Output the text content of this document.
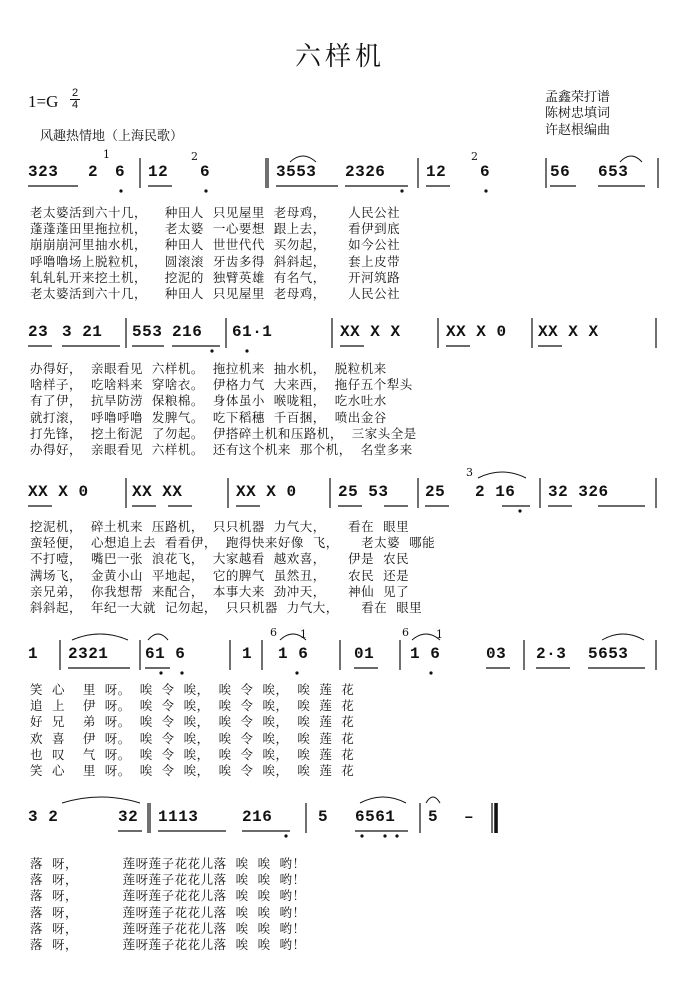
六样机
$1=G \frac{2}{4}$
风趣热情地（上海民歌）
孟鑫荣打谱
陈树忠填词
许赵根编曲
323 2 6 12 6	3553 2326	12 6	56 653
1	2	2
老太婆活到六十几，    种田人  只见屋里  老母鸡，     人民公社
蓬蓬蓬田里拖拉机，    老太婆  一心要想  跟上去，     看伊到底
崩崩崩河里抽水机，    种田人  世世代代  买勿起，     如今公社
呼噜噜场上脱粒机，    圆滚滚  牙齿多得  斜斜起，     套上皮带
轧轧轧开来挖土机，    挖泥的  独臂英雄  有名气，     开河筑路
老太婆活到六十几，    种田人  只见屋里  老母鸡，     人民公社
23 3 21 553 216 61·1	XX X X	XX X 0 XX X X
办得好，  亲眼看见  六样机。  拖拉机来  抽水机，  脱粒机来
啥样子，  吃啥料来  穿啥衣。  伊格力气  大来西，  拖仔五个犁头
有了伊，  抗旱防涝  保粮棉。  身体虽小  喉咙粗，  吃水吐水
就打滚，  呼噜呼噜  发脾气。  吃下稻穗  千百捆，  喷出金谷
打先锋，  挖土衔泥  了勿起。  伊搭碎土机和压路机，  三家头全是
办得好，  亲眼看见  六样机。  还有这个机来  那个机，  名堂多来
XX X 0	XX XX	XX X 0	25 53 25 2 16 32 326
3
挖泥机，  碎土机来  压路机，  只只机器  力气大，     看在  眼里
蛮轻便，  心想追上去  看看伊，  跑得快来好像  飞，     老太婆  哪能
不打噎，  嘴巴一张  浪花飞，  大家越看  越欢喜，     伊是  农民
满场飞，  金黄小山  平地起，  它的脾气  虽然丑，     农民  还是
亲兄弟，  你我想帮  来配合，  本事大来  劲冲天，     神仙  见了
斜斜起，  年纪一大就  记勿起，  只只机器  力气大，     看在  眼里
1 2321 61 6	1 1 6	01 1 6	03 2·3 5653
6 1	6 1
笑  心    里  呀。  唉  令  唉，  唉  令  唉，  唉  莲  花
追  上    伊  呀。  唉  令  唉，  唉  令  唉，  唉  莲  花
好  兄    弟  呀。  唉  令  唉，  唉  令  唉，  唉  莲  花
欢  喜    伊  呀。  唉  令  唉，  唉  令  唉，  唉  莲  花
也  叹    气  呀。  唉  令  唉，  唉  令  唉，  唉  莲  花
笑  心    里  呀。  唉  令  唉，  唉  令  唉，  唉  莲  花
3 2	32 1113	216	5 6561 5 –
落  呀，          莲呀莲子花花儿落  唉  唉  哟！
落  呀，          莲呀莲子花花儿落  唉  唉  哟！
落  呀，          莲呀莲子花花儿落  唉  唉  哟！
落  呀，          莲呀莲子花花儿落  唉  唉  哟！
落  呀，          莲呀莲子花花儿落  唉  唉  哟！
落  呀，          莲呀莲子花花儿落  唉  唉  哟！
